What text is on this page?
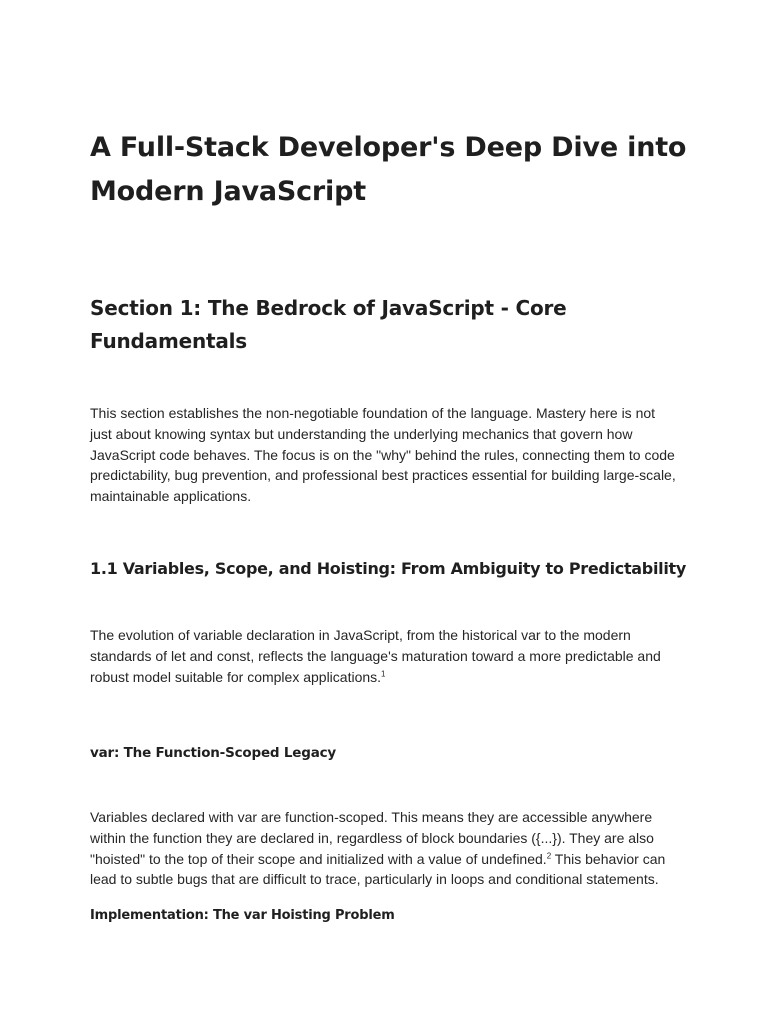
A Full-Stack Developer's Deep Dive into Modern JavaScript
Section 1: The Bedrock of JavaScript - Core Fundamentals

This section establishes the non-negotiable foundation of the language. Mastery here is not just about knowing syntax but understanding the underlying mechanics that govern how JavaScript code behaves. The focus is on the "why" behind the rules, connecting them to code predictability, bug prevention, and professional best practices essential for building large-scale, maintainable applications.

1.1 Variables, Scope, and Hoisting: From Ambiguity to Predictability

The evolution of variable declaration in JavaScript, from the historical var to the modern standards of let and const, reflects the language's maturation toward a more predictable and robust model suitable for complex applications.$^1$

var: The Function-Scoped Legacy

Variables declared with var are function-scoped. This means they are accessible anywhere within the function they are declared in, regardless of block boundaries ({...}). They are also "hoisted" to the top of their scope and initialized with a value of undefined.$^2$ This behavior can lead to subtle bugs that are difficult to trace, particularly in loops and conditional statements.

Implementation: The var Hoisting Problem
